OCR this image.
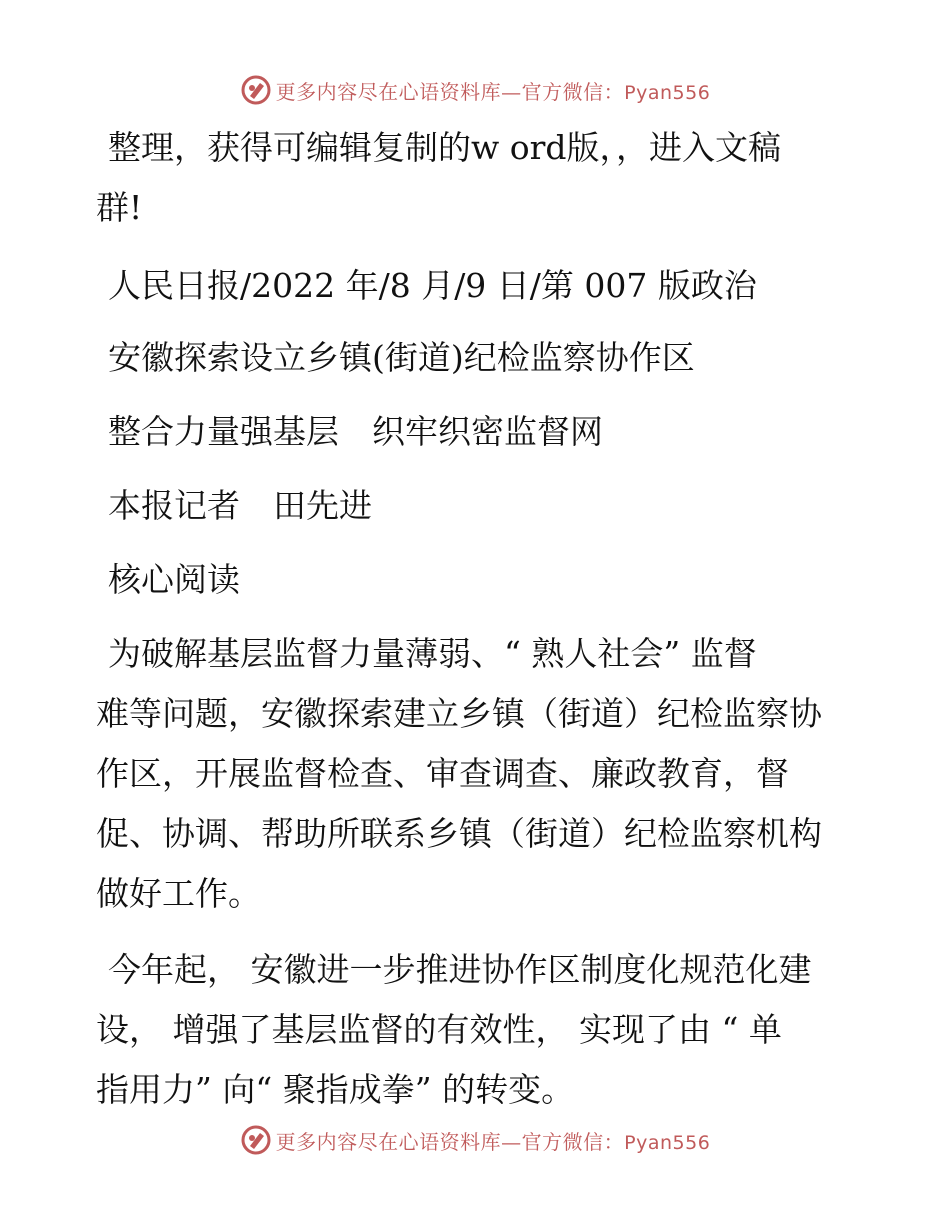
更多内容尽在心语资料库—官方微信：Pyan556
整理，获得可编辑复制的w ord版，，进入文稿
群!
人民日报/2022 年/8 月/9 日/第 007 版政治
安徽探索设立乡镇(街道)纪检监察协作区
整合力量强基层　织牢织密监督网
本报记者　田先进
核心阅读
为破解基层监督力量薄弱、“ 熟人社会” 监督
难等问题，安徽探索建立乡镇（街道）纪检监察协
作区，开展监督检查、审查调查、廉政教育，督
促、协调、帮助所联系乡镇（街道）纪检监察机构
做好工作。
今年起， 安徽进一步推进协作区制度化规范化建
设， 增强了基层监督的有效性， 实现了由 “ 单
指用力” 向“ 聚指成拳” 的转变。
更多内容尽在心语资料库—官方微信：Pyan556
